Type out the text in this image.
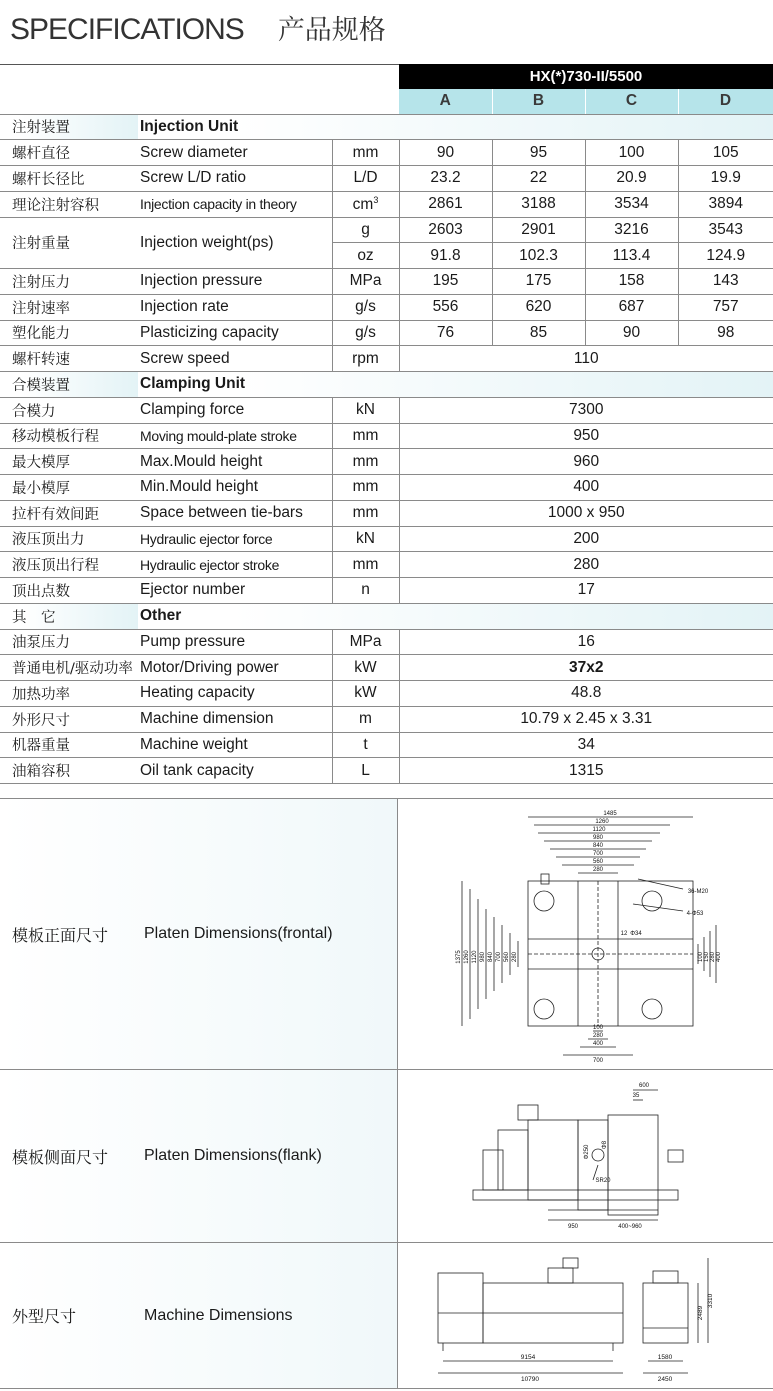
SPECIFICATIONS 产品规格
			HX(*)730-II/5500			
			A	B	C	D
注射装置	Injection Unit					
螺杆直径	Screw diameter	mm	90	95	100	105
螺杆长径比	Screw L/D ratio	L/D	23.2	22	20.9	19.9
理论注射容积	Injection capacity in theory	$cm^3$	2861	3188	3534	3894
注射重量	Injection weight(ps)	g	2603	2901	3216	3543
		oz	91.8	102.3	113.4	124.9
注射压力	Injection pressure	MPa	195	175	158	143
注射速率	Injection rate	g/s	556	620	687	757
塑化能力	Plasticizing capacity	g/s	76	85	90	98
螺杆转速	Screw speed	rpm	110			
合模装置	Clamping Unit					
合模力	Clamping force	kN	7300			
移动模板行程	Moving mould-plate stroke	mm	950			
最大模厚	Max.Mould height	mm	960			
最小模厚	Min.Mould height	mm	400			
拉杆有效间距	Space between tie-bars	mm	1000 x 950			
液压顶出力	Hydraulic ejector force	kN	200			
液压顶出行程	Hydraulic ejector stroke	mm	280			
顶出点数	Ejector number	n	17			
其　它	Other					
油泵压力	Pump pressure	MPa	16			
普通电机/驱动功率	Motor/Driving power	kW	37x2			
加热功率	Heating capacity	kW	48.8			
外形尺寸	Machine dimension	m	10.79 x 2.45 x 3.31			
机器重量	Machine weight	t	34			
油箱容积	Oil tank capacity	L	1315			
模板正面尺寸	Platen Dimensions(frontal)
1485
1260
1120
980
840
700
560
280
100
280
400
700
1375 1260 1120 980 840 700 560 280	100 150 280 400
36-M20
4-Φ53
Φ34
12
模板侧面尺寸	Platen Dimensions(flank)
600
35
Φ250 Φ8
SR20
950	400~960
外型尺寸	Machine Dimensions
9154
10790
1580
2450
2489
3310
